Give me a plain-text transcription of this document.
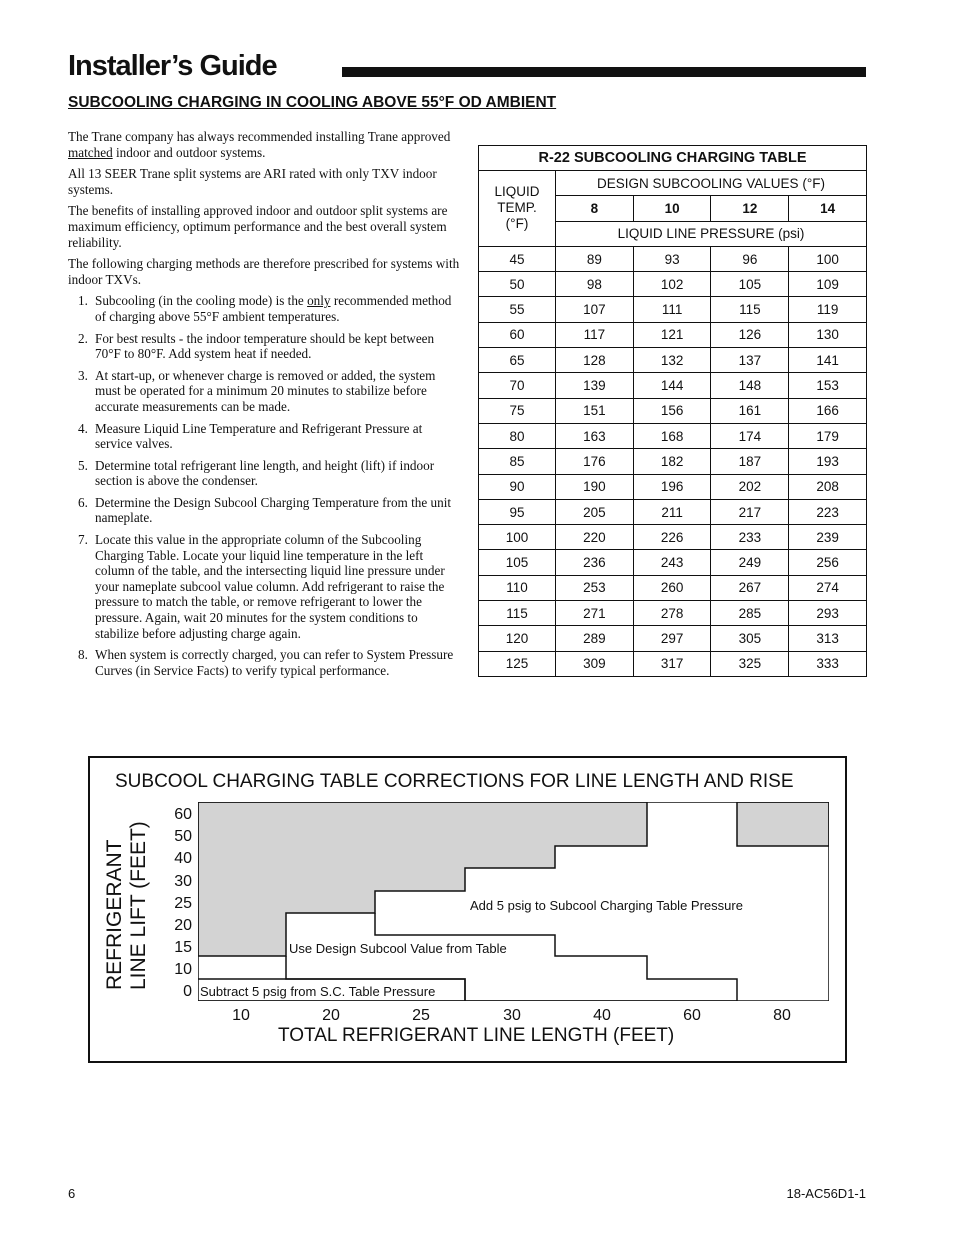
Installer’s Guide
SUBCOOLING CHARGING IN COOLING ABOVE 55°F OD AMBIENT

The Trane company has always recommended installing Trane approved matched indoor and outdoor systems.

All 13 SEER Trane split systems are ARI rated with only TXV indoor systems.

The benefits of installing approved indoor and outdoor split systems are maximum efficiency, optimum performance and the best overall system reliability.

The following charging methods are therefore prescribed for systems with indoor TXVs.

1. Subcooling (in the cooling mode) is the only recommended method of charging above 55°F ambient temperatures.
2. For best results - the indoor temperature should be kept between 70°F to 80°F. Add system heat if needed.
3. At start-up, or whenever charge is removed or added, the system must be operated for a minimum 20 minutes to stabilize before accurate measurements can be made.
4. Measure Liquid Line Temperature and Refrigerant Pressure at service valves.
5. Determine total refrigerant line length, and height (lift) if indoor section is above the condenser.
6. Determine the Design Subcool Charging Temperature from the unit nameplate.
7. Locate this value in the appropriate column of the Subcooling Charging Table. Locate your liquid line temperature in the left column of the table, and the intersecting liquid line pressure under your nameplate subcool value column. Add refrigerant to raise the pressure to match the table, or remove refrigerant to lower the pressure. Again, wait 20 minutes for the system conditions to stabilize before adjusting charge again.
8. When system is correctly charged, you can refer to System Pressure Curves (in Service Facts) to verify typical performance.
R-22 SUBCOOLING CHARGING TABLE				

LIQUID
TEMP.
(°F)	DESIGN SUBCOOLING VALUES (°F)			
	8	10	12	14
	LIQUID LINE PRESSURE (psi)			
45	89	93	96	100
50	98	102	105	109
55	107	111	115	119
60	117	121	126	130
65	128	132	137	141
70	139	144	148	153
75	151	156	161	166
80	163	168	174	179
85	176	182	187	193
90	190	196	202	208
95	205	211	217	223
100	220	226	233	239
105	236	243	249	256
110	253	260	267	274
115	271	278	285	293
120	289	297	305	313
125	309	317	325	333
SUBCOOL CHARGING TABLE CORRECTIONS FOR LINE LENGTH AND RISE
REFRIGERANT LINE LIFT (FEET)
60
50
40
30
25
20
15
10
0
10	20	25	30	40	60	80
TOTAL REFRIGERANT LINE LENGTH (FEET)
Add 5 psig to Subcool Charging Table Pressure
Use Design Subcool Value from Table
Subtract 5 psig from S.C. Table Pressure
6	18-AC56D1-1
